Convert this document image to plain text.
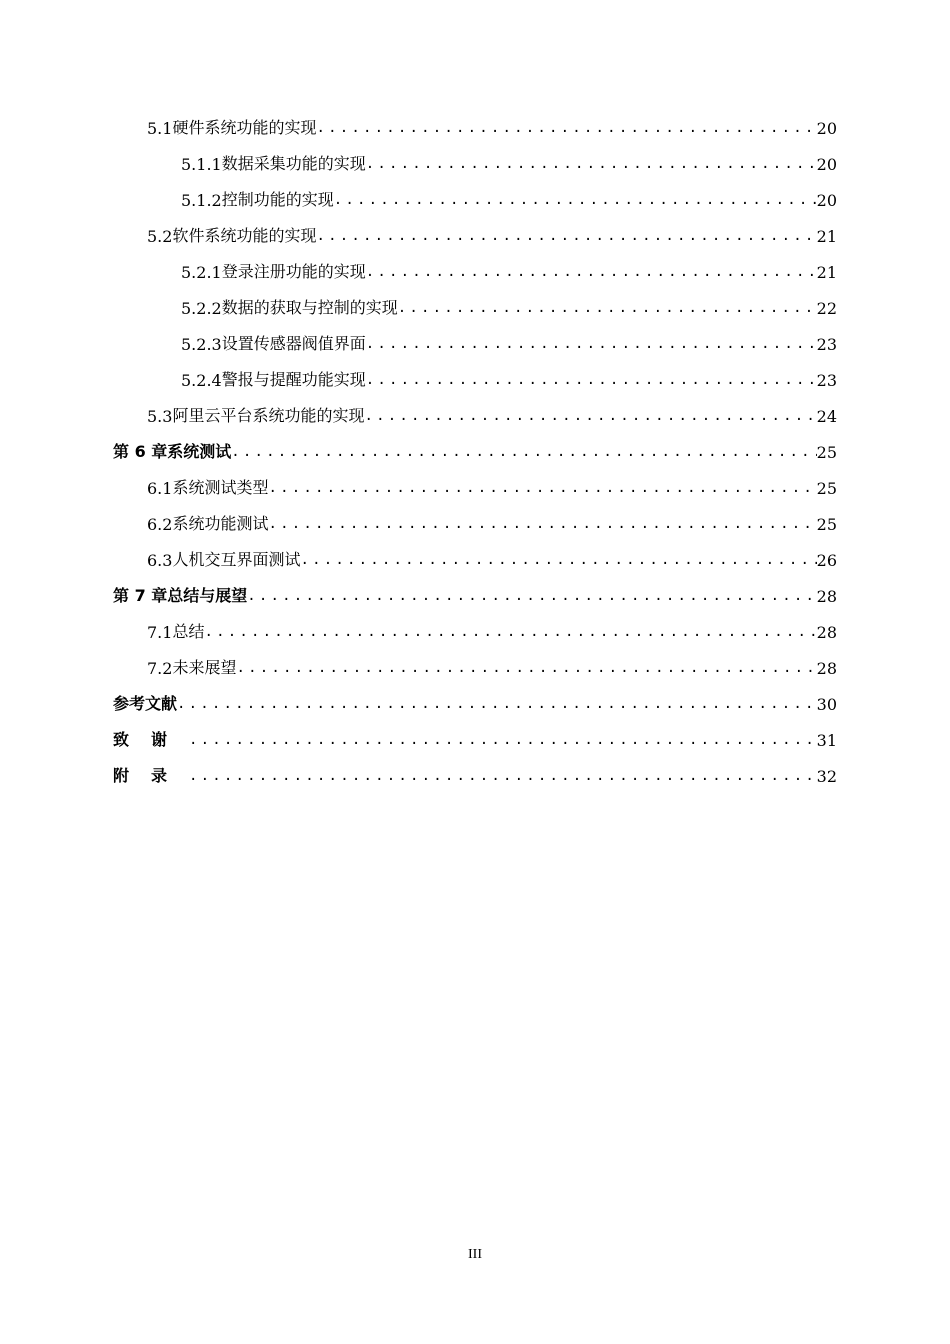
5.1 硬件系统功能的实现 .....	20
5.1.1 数据采集功能的实现 .....	20
5.1.2 控制功能的实现 .....	20
5.2 软件系统功能的实现 .....	21
5.2.1 登录注册功能的实现 .....	21
5.2.2 数据的获取与控制的实现 .....	22
5.2.3 设置传感器阀值界面 .....	23
5.2.4 警报与提醒功能实现 .....	23
5.3 阿里云平台系统功能的实现 .....	24
第 6 章 系统测试 .....	25
6.1 系统测试类型 .....	25
6.2 系统功能测试 .....	25
6.3 人机交互界面测试 .....	26
第 7 章 总结与展望 .....	28
7.1 总结 .....	28
7.2 未来展望 .....	28
参考文献 .....	30
致谢 .....	31
附录 .....	32
III
